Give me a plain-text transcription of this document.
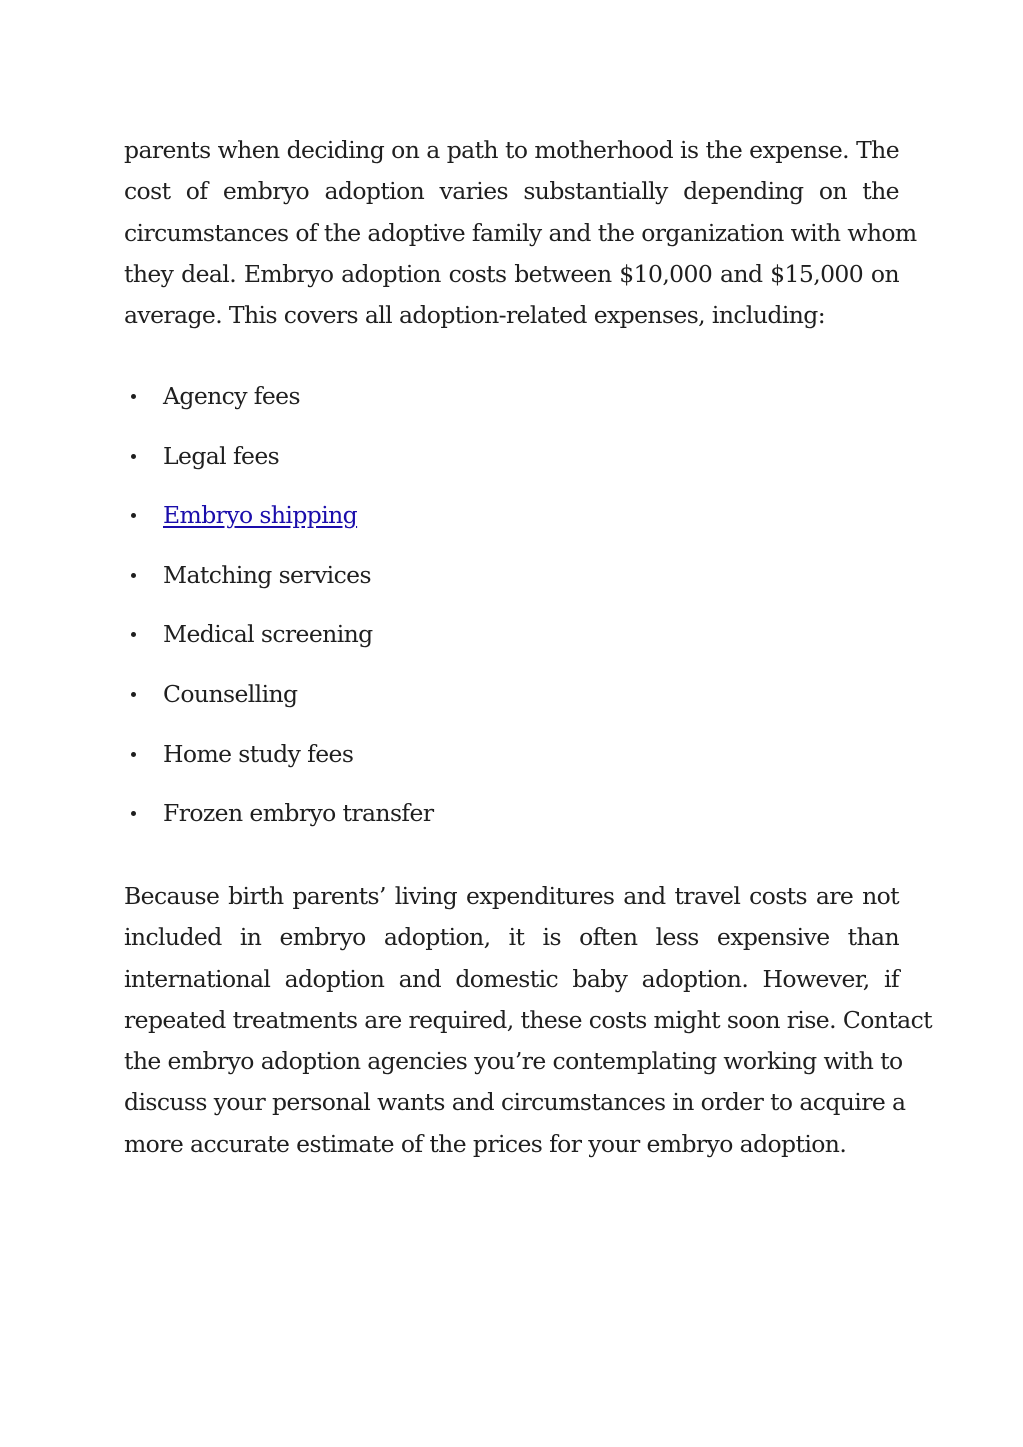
parents when deciding on a path to motherhood is the expense. The
cost of embryo adoption varies substantially depending on the
circumstances of the adoptive family and the organization with whom
they deal. Embryo adoption costs between $10,000 and $15,000 on
average. This covers all adoption-related expenses, including:

Agency fees
Legal fees
Embryo shipping
Matching services
Medical screening
Counselling
Home study fees
Frozen embryo transfer

Because birth parents’ living expenditures and travel costs are not
included in embryo adoption, it is often less expensive than
international adoption and domestic baby adoption. However, if
repeated treatments are required, these costs might soon rise. Contact
the embryo adoption agencies you’re contemplating working with to
discuss your personal wants and circumstances in order to acquire a
more accurate estimate of the prices for your embryo adoption.
